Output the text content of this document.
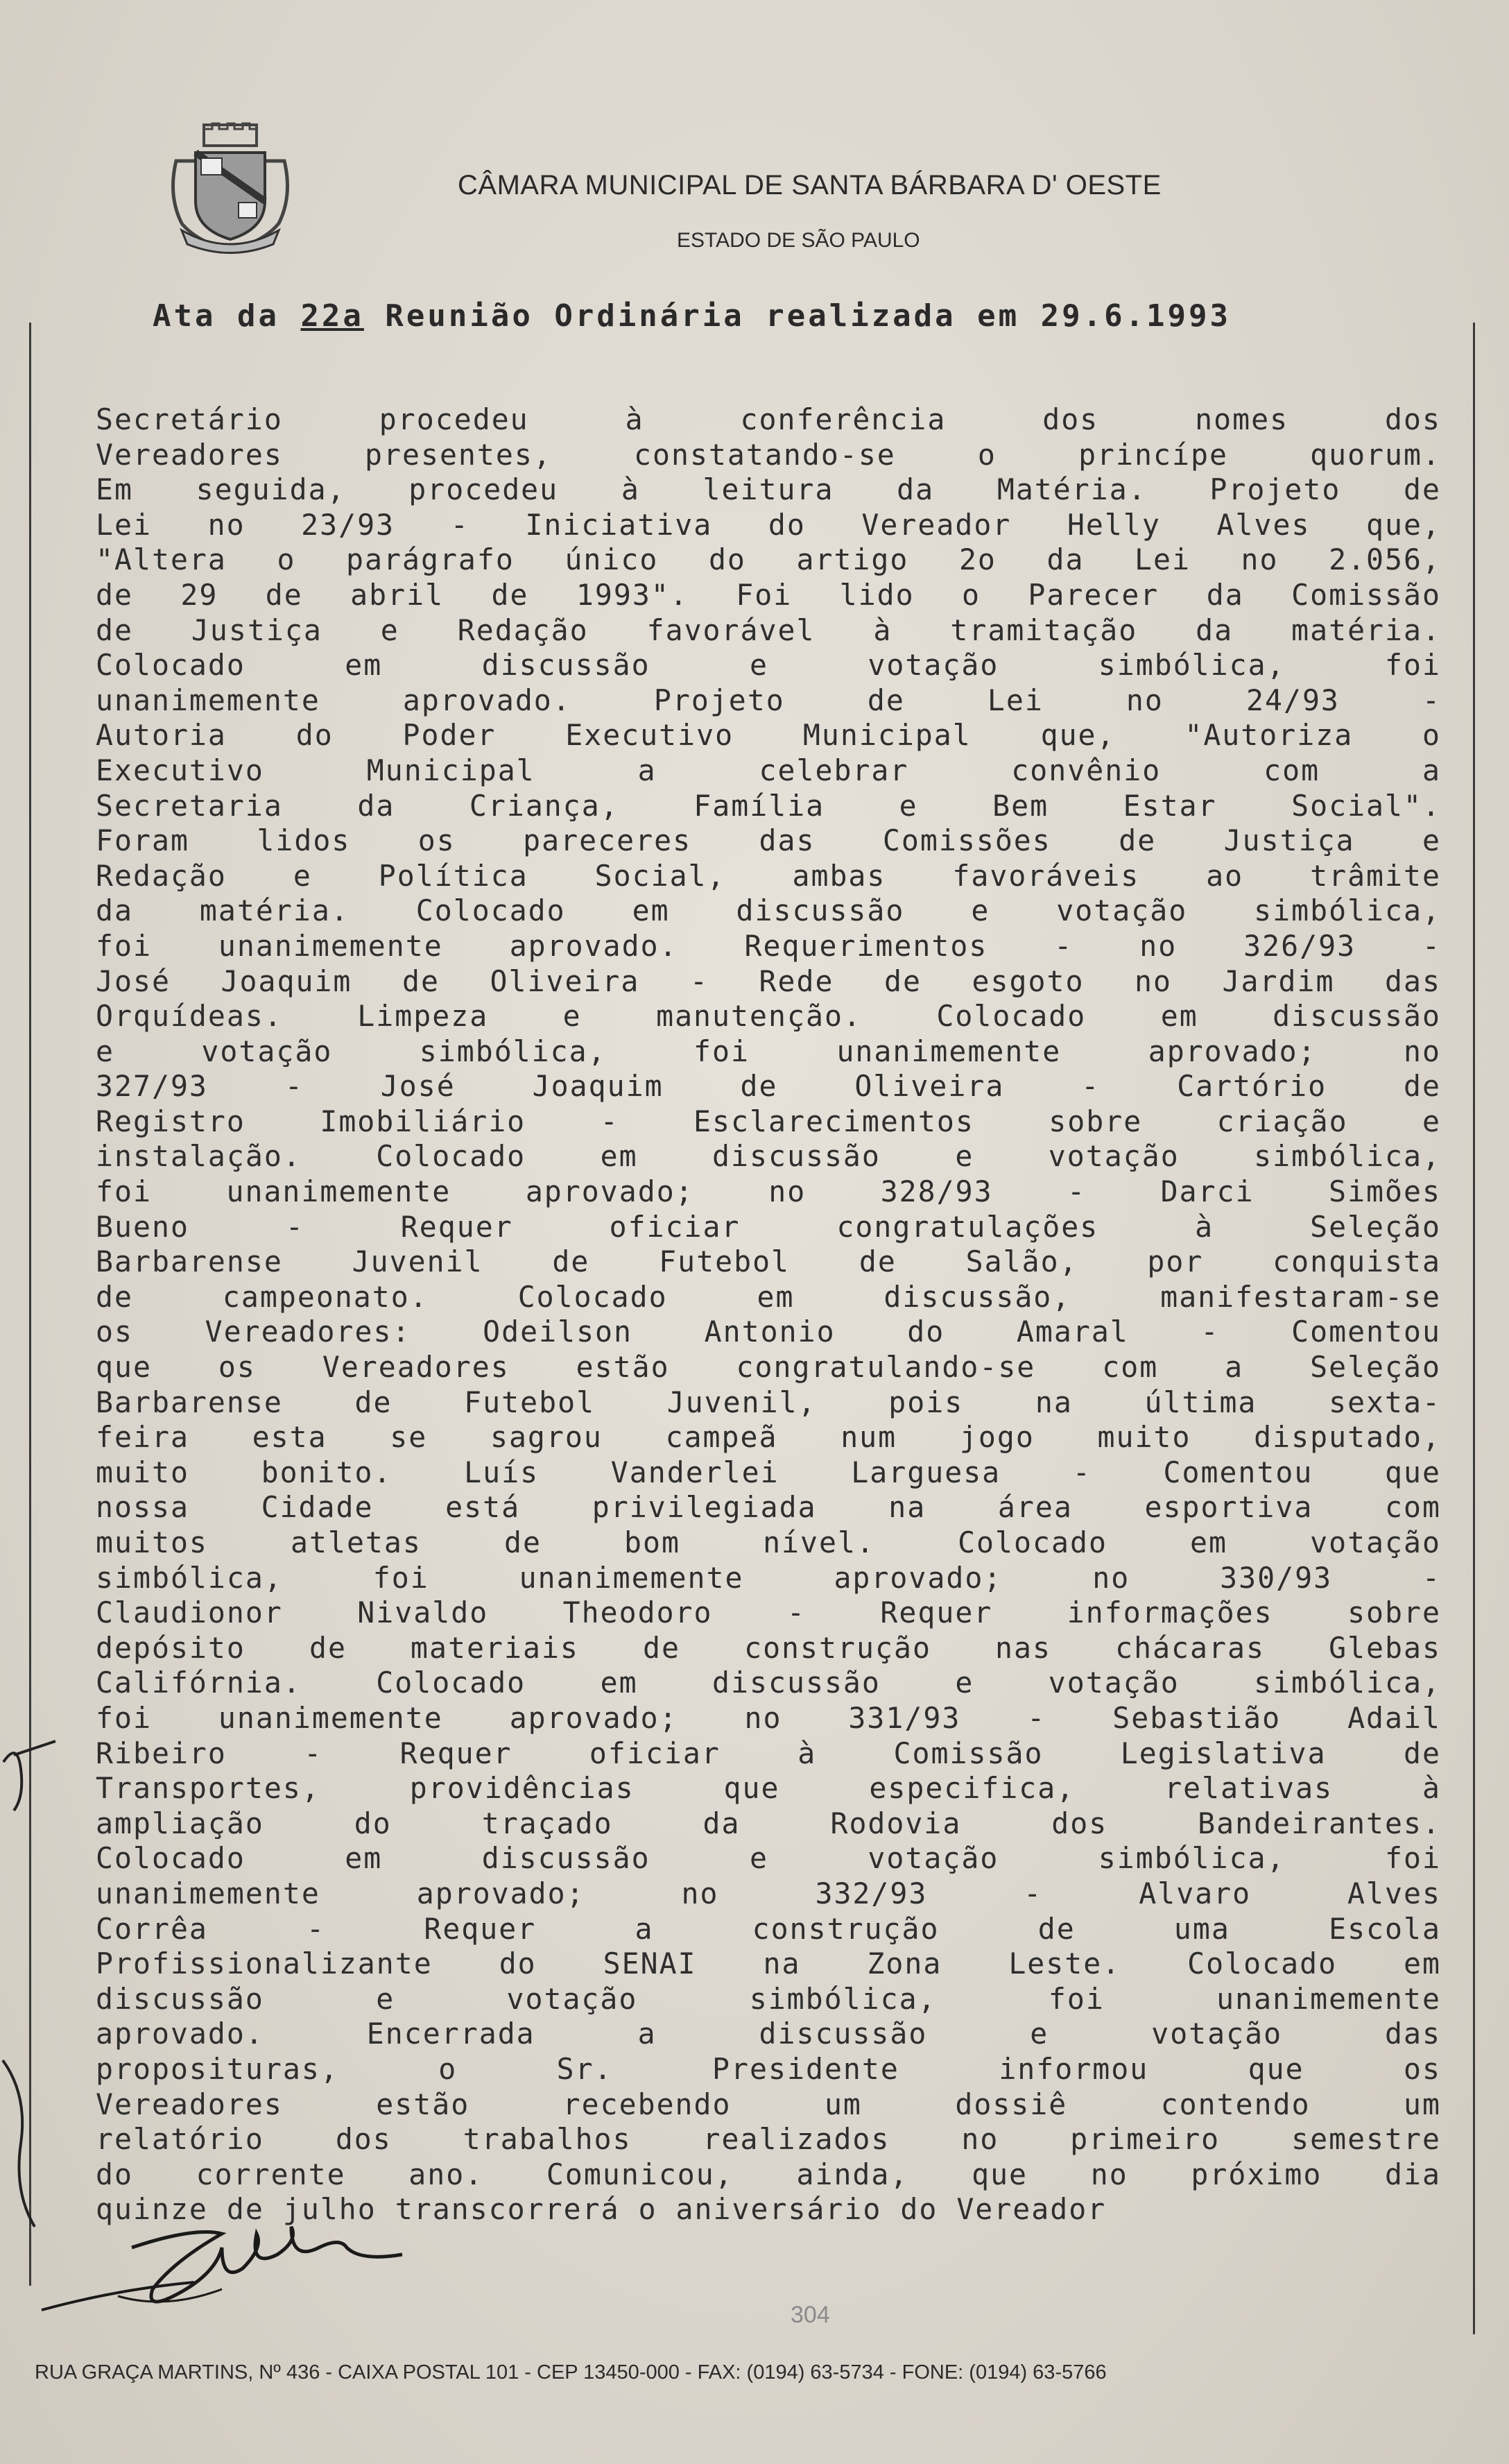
CÂMARA MUNICIPAL DE SANTA BÁRBARA D' OESTE
ESTADO DE SÃO PAULO
Ata da 22a Reunião Ordinária realizada em 29.6.1993
Secretário procedeu à conferência dos nomes dos
Vereadores presentes, constatando-se o princípe quorum.
Em seguida, procedeu à leitura da Matéria. Projeto de
Lei no 23/93 - Iniciativa do Vereador Helly Alves que,
"Altera o parágrafo único do artigo 2o da Lei no 2.056,
de 29 de abril de 1993". Foi lido o Parecer da Comissão
de Justiça e Redação favorável à tramitação da matéria.
Colocado em discussão e votação simbólica, foi
unanimemente aprovado. Projeto de Lei no 24/93 -
Autoria do Poder Executivo Municipal que, "Autoriza o
Executivo Municipal a celebrar convênio com a
Secretaria da Criança, Família e Bem Estar Social".
Foram lidos os pareceres das Comissões de Justiça e
Redação e Política Social, ambas favoráveis ao trâmite
da matéria. Colocado em discussão e votação simbólica,
foi unanimemente aprovado. Requerimentos - no 326/93 -
José Joaquim de Oliveira - Rede de esgoto no Jardim das
Orquídeas. Limpeza e manutenção. Colocado em discussão
e votação simbólica, foi unanimemente aprovado; no
327/93 - José Joaquim de Oliveira - Cartório de
Registro Imobiliário - Esclarecimentos sobre criação e
instalação. Colocado em discussão e votação simbólica,
foi unanimemente aprovado; no 328/93 - Darci Simões
Bueno - Requer oficiar congratulações à Seleção
Barbarense Juvenil de Futebol de Salão, por conquista
de campeonato. Colocado em discussão, manifestaram-se
os Vereadores: Odeilson Antonio do Amaral - Comentou
que os Vereadores estão congratulando-se com a Seleção
Barbarense de Futebol Juvenil, pois na última sexta-
feira esta se sagrou campeã num jogo muito disputado,
muito bonito. Luís Vanderlei Larguesa - Comentou que
nossa Cidade está privilegiada na área esportiva com
muitos atletas de bom nível. Colocado em votação
simbólica, foi unanimemente aprovado; no 330/93 -
Claudionor Nivaldo Theodoro - Requer informações sobre
depósito de materiais de construção nas chácaras Glebas
Califórnia. Colocado em discussão e votação simbólica,
foi unanimemente aprovado; no 331/93 - Sebastião Adail
Ribeiro - Requer oficiar à Comissão Legislativa de
Transportes, providências que especifica, relativas à
ampliação do traçado da Rodovia dos Bandeirantes.
Colocado em discussão e votação simbólica, foi
unanimemente aprovado; no 332/93 - Alvaro Alves
Corrêa - Requer a construção de uma Escola
Profissionalizante do SENAI na Zona Leste. Colocado em
discussão e votação simbólica, foi unanimemente
aprovado. Encerrada a discussão e votação das
proposituras, o Sr. Presidente informou que os
Vereadores estão recebendo um dossiê contendo um
relatório dos trabalhos realizados no primeiro semestre
do corrente ano. Comunicou, ainda, que no próximo dia
quinze de julho transcorrerá o aniversário do Vereador
304
RUA GRAÇA MARTINS, Nº 436 - CAIXA POSTAL 101 - CEP 13450-000 - FAX: (0194) 63-5734 - FONE: (0194) 63-5766
